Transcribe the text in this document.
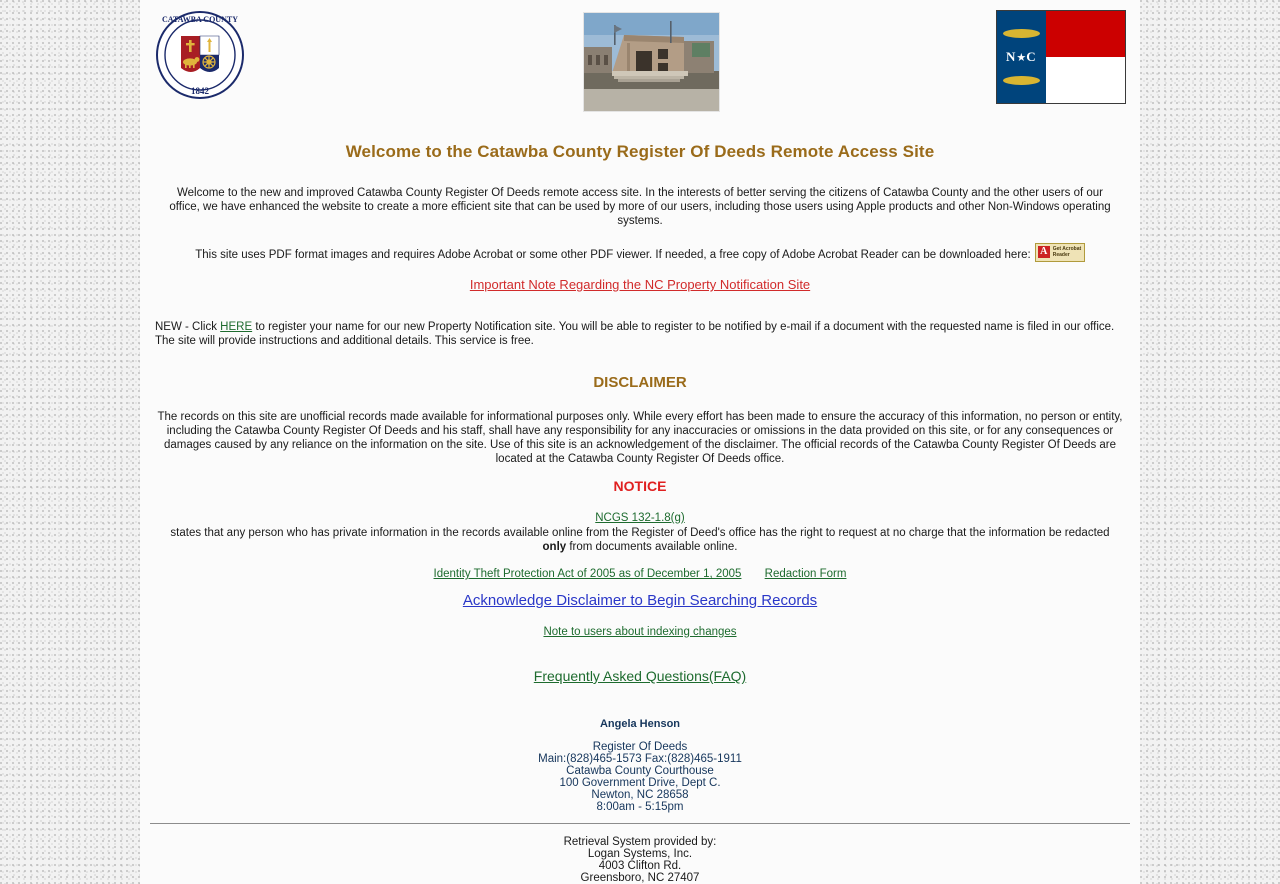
CATAWBA COUNTY
1842
N ★ C
Welcome to the Catawba County Register Of Deeds Remote Access Site

Welcome to the new and improved Catawba County Register Of Deeds remote access site. In the interests of better serving the citizens of Catawba County and the other users of our office, we have enhanced the website to create a more efficient site that can be used by more of our users, including those users using Apple products and other Non-Windows operating systems.

This site uses PDF format images and requires Adobe Acrobat or some other PDF viewer. If needed, a free copy of Adobe Acrobat Reader can be downloaded here: A	Get Acrobat Reader

Important Note Regarding the NC Property Notification Site

NEW - Click HERE to register your name for our new Property Notification site. You will be able to register to be notified by e-mail if a document with the requested name is filed in our office. The site will provide instructions and additional details. This service is free.

DISCLAIMER

The records on this site are unofficial records made available for informational purposes only. While every effort has been made to ensure the accuracy of this information, no person or entity, including the Catawba County Register Of Deeds and his staff, shall have any responsibility for any inaccuracies or omissions in the data provided on this site, or for any consequences or damages caused by any reliance on the information on the site. Use of this site is an acknowledgement of the disclaimer. The official records of the Catawba County Register Of Deeds are located at the Catawba County Register Of Deeds office.

NOTICE

NCGS 132-1.8(g)

states that any person who has private information in the records available online from the Register of Deed's office has the right to request at no charge that the information be redacted only from documents available online.

Identity Theft Protection Act of 2005 as of December 1, 2005 Redaction Form

Acknowledge Disclaimer to Begin Searching Records

Note to users about indexing changes

Frequently Asked Questions(FAQ)

Angela Henson
Register Of Deeds
Main:(828)465-1573 Fax:(828)465-1911
Catawba County Courthouse
100 Government Drive, Dept C.
Newton, NC 28658
8:00am - 5:15pm
Retrieval System provided by:
Logan Systems, Inc.
4003 Clifton Rd.
Greensboro, NC 27407
